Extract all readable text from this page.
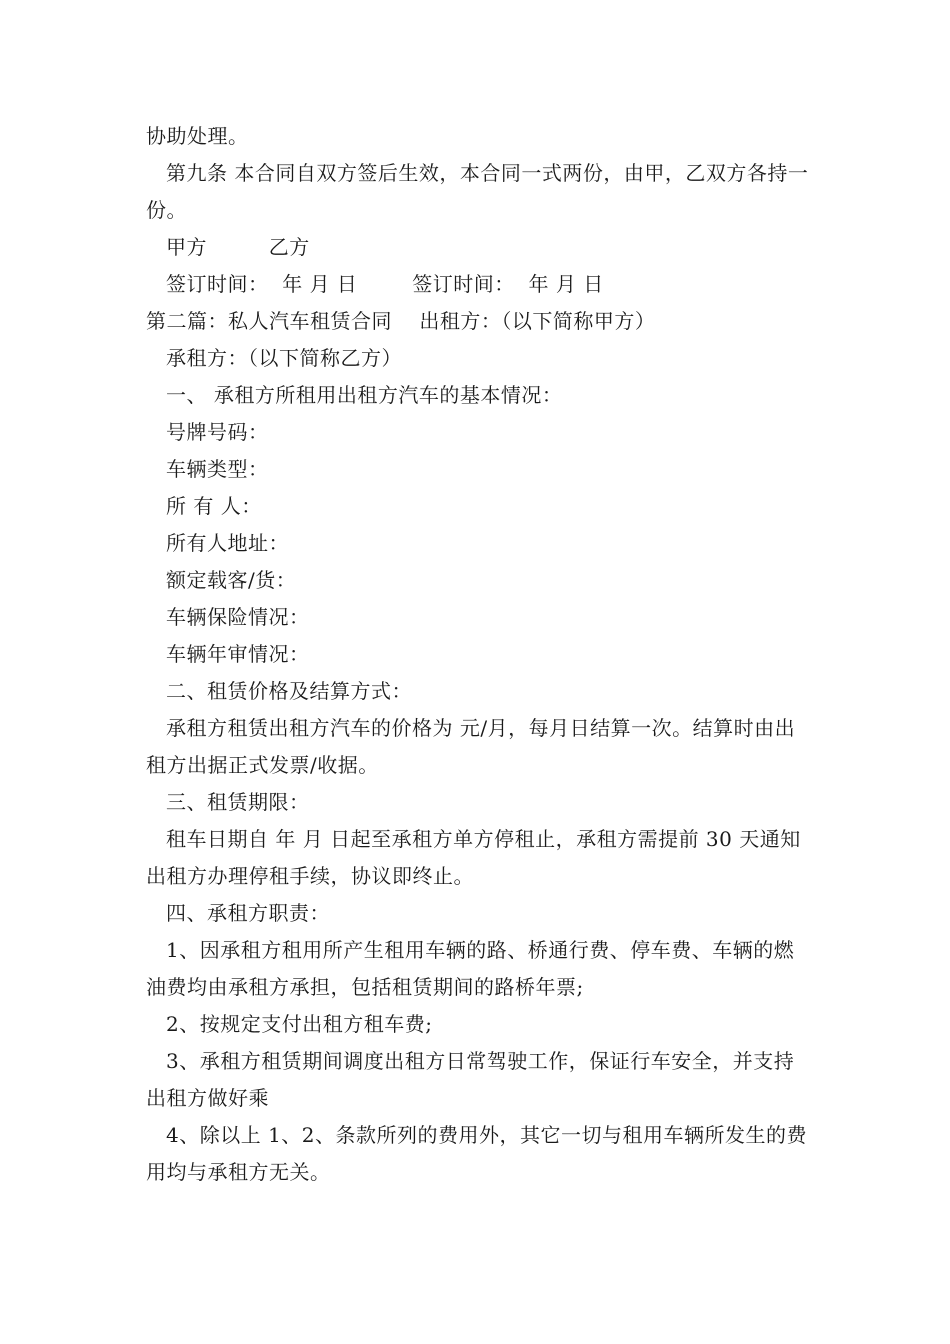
协助处理。

第九条 本合同自双方签后生效，本合同一式两份，由甲，乙双方各持一份。

甲方         乙方

签订时间：  年 月 日        签订时间：  年 月 日

第二篇：私人汽车租赁合同    出租方：（以下简称甲方）

承租方：（以下简称乙方）

一、 承租方所租用出租方汽车的基本情况：

号牌号码：

车辆类型：

所 有 人：

所有人地址：

额定载客/货：

车辆保险情况：

车辆年审情况：

二、租赁价格及结算方式：

承租方租赁出租方汽车的价格为 元/月，每月日结算一次。结算时由出租方出据正式发票/收据。

三、租赁期限：

租车日期自 年 月 日起至承租方单方停租止，承租方需提前 30 天通知出租方办理停租手续，协议即终止。

四、承租方职责：

1、因承租方租用所产生租用车辆的路、桥通行费、停车费、车辆的燃油费均由承租方承担，包括租赁期间的路桥年票;

2、按规定支付出租方租车费;

3、承租方租赁期间调度出租方日常驾驶工作，保证行车安全，并支持出租方做好乘

4、除以上 1、2、条款所列的费用外，其它一切与租用车辆所发生的费用均与承租方无关。
